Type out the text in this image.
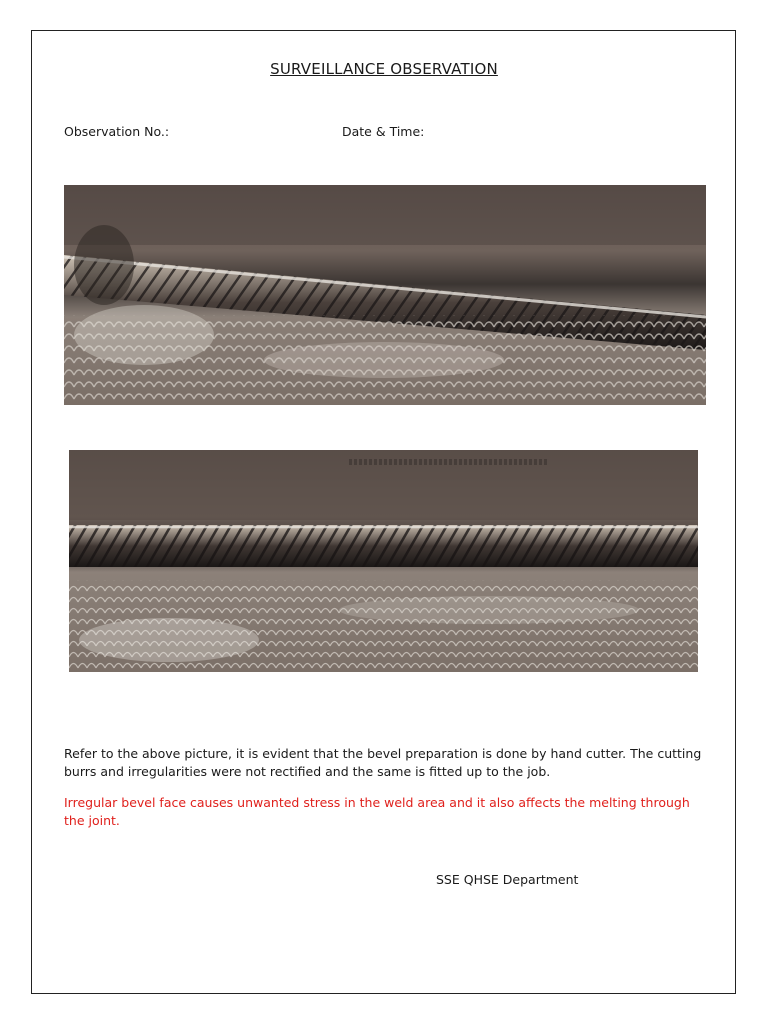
SURVEILLANCE OBSERVATION
Observation No.:	Date & Time:
Refer to the above picture, it is evident that the bevel preparation is done by hand cutter. The cutting burrs and irregularities were not rectified and the same is fitted up to the job.
Irregular bevel face causes unwanted stress in the weld area and it also affects the melting through the joint.
SSE QHSE Department
